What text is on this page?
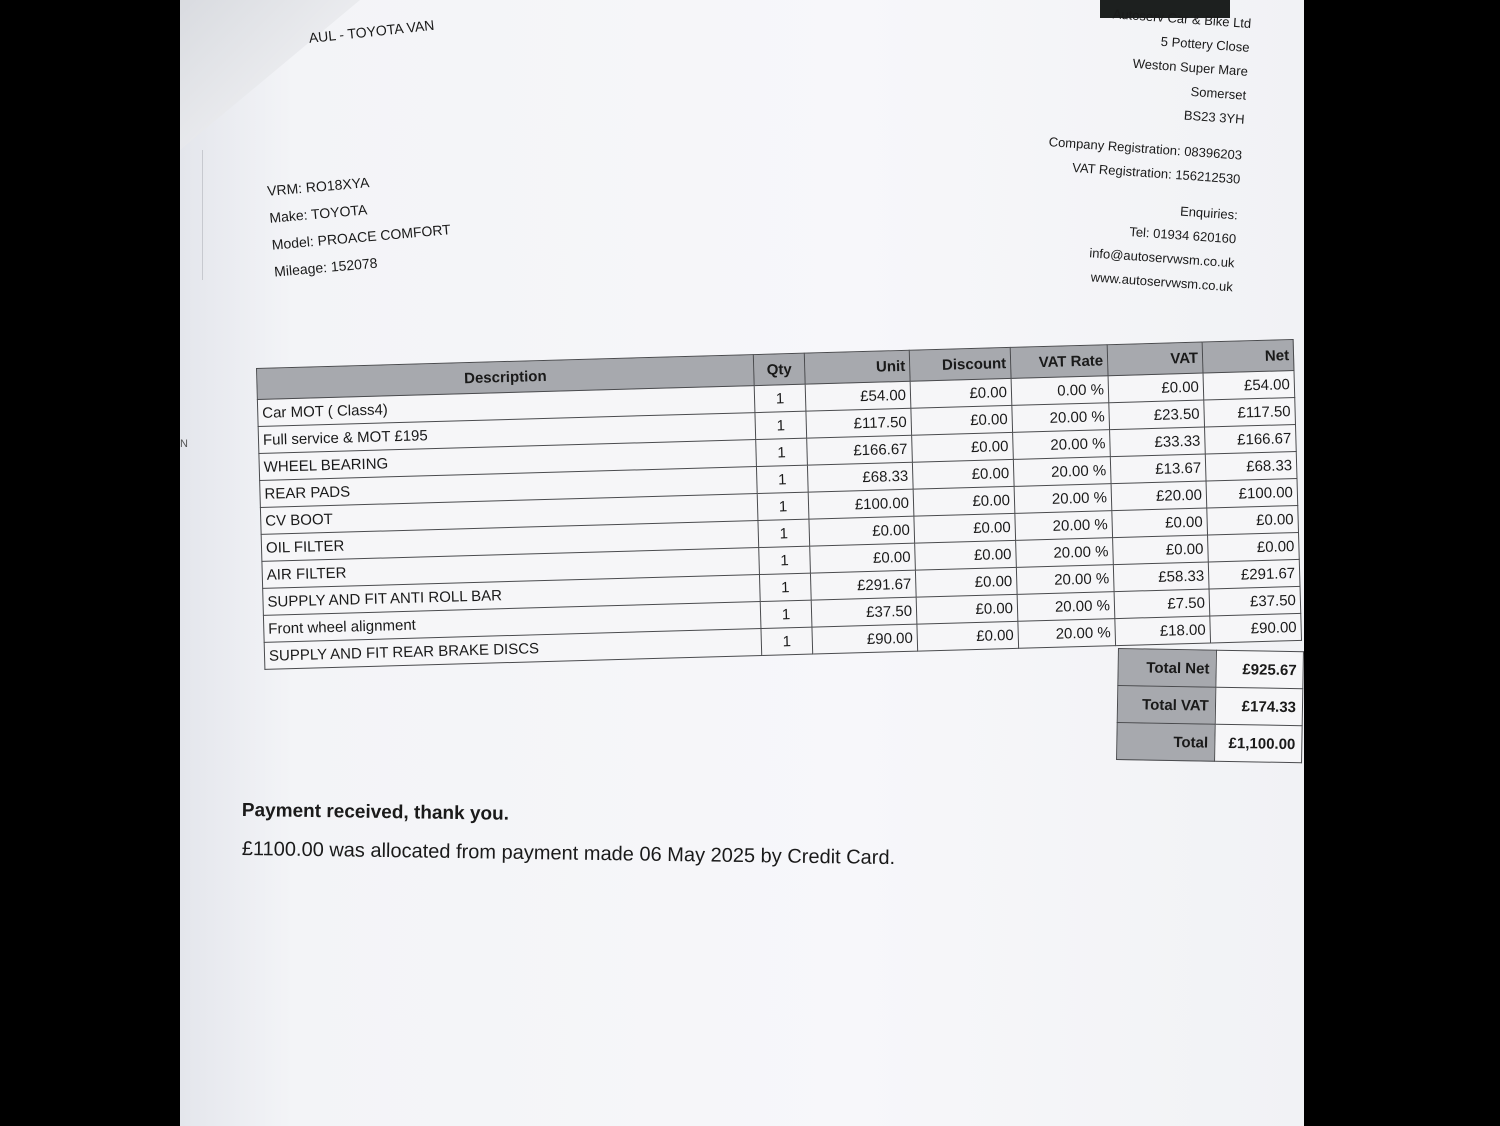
AUL - TOYOTA VAN	Autoserv Car & Bike Ltd
5 Pottery Close
Weston Super Mare
Somerset
BS23 3YH
Company Registration: 08396203
VAT Registration: 156212530
Enquiries:
Tel: 01934 620160
info@autoservwsm.co.uk
www.autoservwsm.co.uk
VRM: RO18XYA
Make: TOYOTA
Model: PROACE COMFORT
Mileage: 152078
Description	Qty	Unit	Discount	VAT Rate	VAT	Net
Car MOT ( Class4)	1	£54.00	£0.00	0.00 %	£0.00	£54.00
Full service & MOT £195	1	£117.50	£0.00	20.00 %	£23.50	£117.50
WHEEL BEARING	1	£166.67	£0.00	20.00 %	£33.33	£166.67
REAR PADS	1	£68.33	£0.00	20.00 %	£13.67	£68.33
CV BOOT	1	£100.00	£0.00	20.00 %	£20.00	£100.00
OIL FILTER	1	£0.00	£0.00	20.00 %	£0.00	£0.00
AIR FILTER	1	£0.00	£0.00	20.00 %	£0.00	£0.00
SUPPLY AND FIT ANTI ROLL BAR	1	£291.67	£0.00	20.00 %	£58.33	£291.67
Front wheel alignment	1	£37.50	£0.00	20.00 %	£7.50	£37.50
SUPPLY AND FIT REAR BRAKE DISCS	1	£90.00	£0.00	20.00 %	£18.00	£90.00
Total Net	£925.67
Total VAT	£174.33
Total	£1,100.00
Payment received, thank you.
£1100.00 was allocated from payment made 06 May 2025 by Credit Card.
N
